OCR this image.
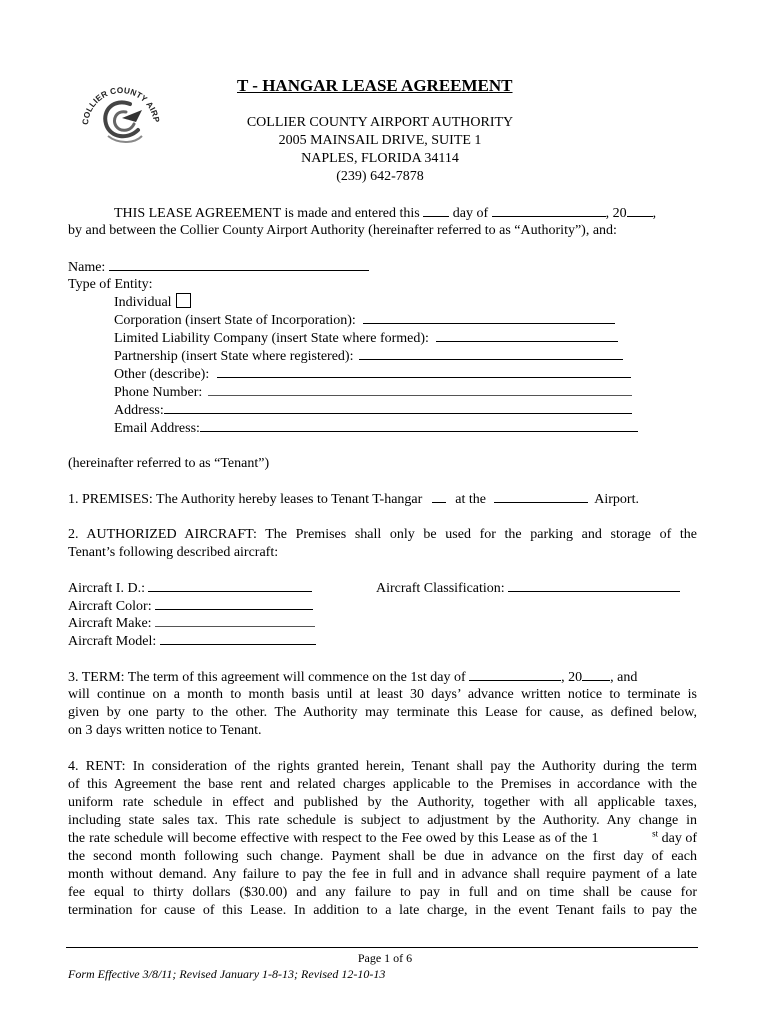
COLLIER COUNTY AIRP
T - HANGAR LEASE AGREEMENT
COLLIER COUNTY AIRPORT AUTHORITY
2005 MAINSAIL DRIVE, SUITE 1
NAPLES, FLORIDA 34114
(239) 642-7878
THIS LEASE AGREEMENT is made and entered this day of	, 20 ,
by and between the Collier County Airport Authority (hereinafter referred to as “Authority”), and:
Name:
Type of Entity:
Individual
Corporation (insert State of Incorporation):
Limited Liability Company (insert State where formed):
Partnership (insert State where registered):
Other (describe):
Phone Number:
Address:
Email Address:
(hereinafter referred to as “Tenant”)
1. PREMISES: The Authority hereby leases to Tenant T-hangar at the	Airport.
2. AUTHORIZED AIRCRAFT: The Premises shall only be used for the parking and storage of the
Tenant’s following described aircraft:
Aircraft I. D.:	Aircraft Classification:
Aircraft Color:
Aircraft Make:
Aircraft Model:
3. TERM: The term of this agreement will commence on the 1st day of	, 20 , and
will continue on a month to month basis until at least 30 days’ advance written notice to terminate is
given by one party to the other. The Authority may terminate this Lease for cause, as defined below,
on 3 days written notice to Tenant.
4. RENT: In consideration of the rights granted herein, Tenant shall pay the Authority during the term
of this Agreement the base rent and related charges applicable to the Premises in accordance with the
uniform rate schedule in effect and published by the Authority, together with all applicable taxes,
including state sales tax. This rate schedule is subject to adjustment by the Authority. Any change in
the rate schedule will become effective with respect to the Fee owed by this Lease as of the 1	$^{st}$ day of
the second month following such change. Payment shall be due in advance on the first day of each
month without demand. Any failure to pay the fee in full and in advance shall require payment of a late
fee equal to thirty dollars ($30.00) and any failure to pay in full and on time shall be cause for
termination for cause of this Lease. In addition to a late charge, in the event Tenant fails to pay the
Page 1 of 6
Form Effective 3/8/11; Revised January 1-8-13; Revised 12-10-13
